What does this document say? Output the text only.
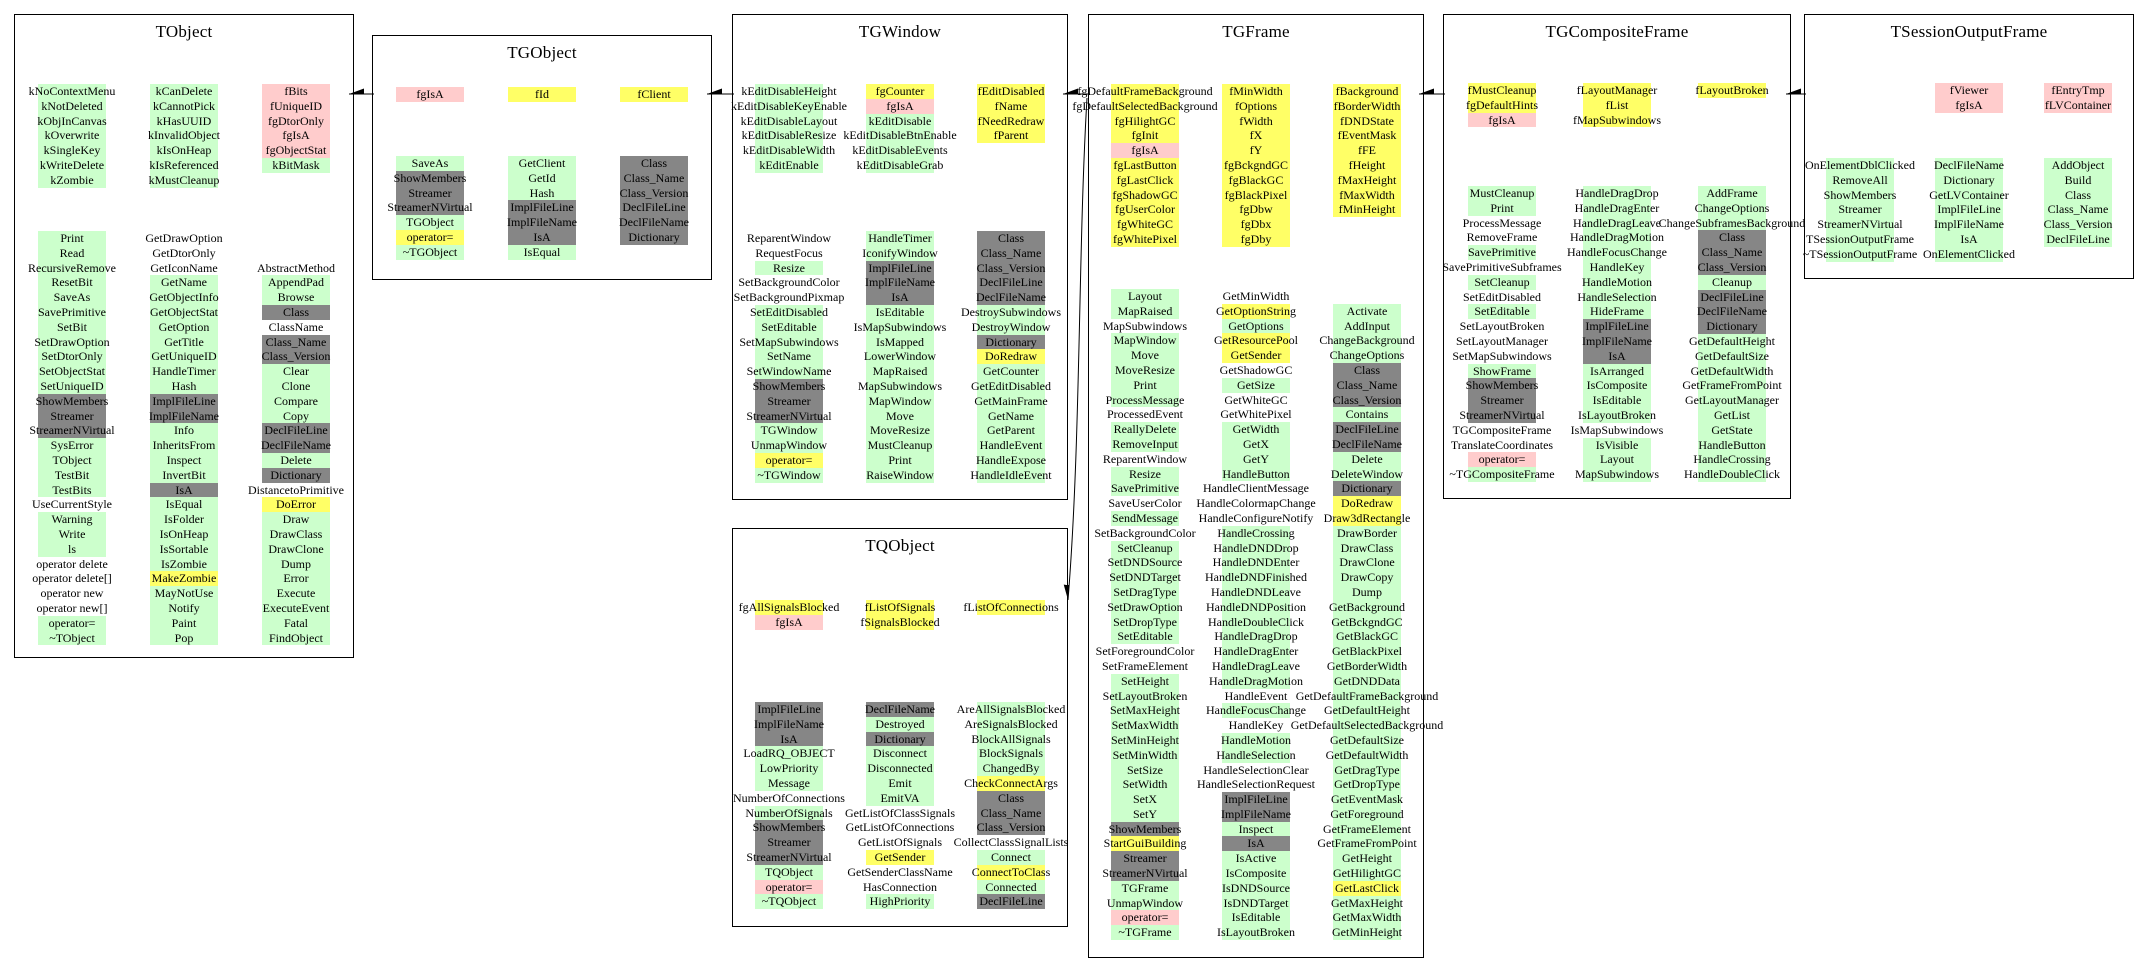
TObject
kNoContextMenu
kNotDeleted
kObjInCanvas
kOverwrite
kSingleKey
kWriteDelete
kZombie
kCanDelete
kCannotPick
kHasUUID
kInvalidObject
kIsOnHeap
kIsReferenced
kMustCleanup
fBits
fUniqueID
fgDtorOnly
fgIsA
fgObjectStat
kBitMask
Print
Read
RecursiveRemove
ResetBit
SaveAs
SavePrimitive
SetBit
SetDrawOption
SetDtorOnly
SetObjectStat
SetUniqueID
ShowMembers
Streamer
StreamerNVirtual
SysError
TObject
TestBit
TestBits
UseCurrentStyle
Warning
Write
ls
operator delete
operator delete[]
operator new
operator new[]
operator=
~TObject
GetDrawOption
GetDtorOnly
GetIconName
GetName
GetObjectInfo
GetObjectStat
GetOption
GetTitle
GetUniqueID
HandleTimer
Hash
ImplFileLine
ImplFileName
Info
InheritsFrom
Inspect
InvertBit
IsA
IsEqual
IsFolder
IsOnHeap
IsSortable
IsZombie
MakeZombie
MayNotUse
Notify
Paint
Pop
AbstractMethod
AppendPad
Browse
Class
ClassName
Class_Name
Class_Version
Clear
Clone
Compare
Copy
DeclFileLine
DeclFileName
Delete
Dictionary
DistancetoPrimitive
DoError
Draw
DrawClass
DrawClone
Dump
Error
Execute
ExecuteEvent
Fatal
FindObject
TGObject
fgIsA	fId	fClient
SaveAs
ShowMembers
Streamer
StreamerNVirtual
TGObject
operator=
~TGObject
GetClient
GetId
Hash
ImplFileLine
ImplFileName
IsA
IsEqual
Class
Class_Name
Class_Version
DeclFileLine
DeclFileName
Dictionary
TGWindow
kEditDisableHeight
kEditDisableKeyEnable
kEditDisableLayout
kEditDisableResize
kEditDisableWidth
kEditEnable
fgCounter
fgIsA
kEditDisable
kEditDisableBtnEnable
kEditDisableEvents
kEditDisableGrab
fEditDisabled
fName
fNeedRedraw
fParent
ReparentWindow
RequestFocus
Resize
SetBackgroundColor
SetBackgroundPixmap
SetEditDisabled
SetEditable
SetMapSubwindows
SetName
SetWindowName
ShowMembers
Streamer
StreamerNVirtual
TGWindow
UnmapWindow
operator=
~TGWindow
HandleTimer
IconifyWindow
ImplFileLine
ImplFileName
IsA
IsEditable
IsMapSubwindows
IsMapped
LowerWindow
MapRaised
MapSubwindows
MapWindow
Move
MoveResize
MustCleanup
Print
RaiseWindow
Class
Class_Name
Class_Version
DeclFileLine
DeclFileName
DestroySubwindows
DestroyWindow
Dictionary
DoRedraw
GetCounter
GetEditDisabled
GetMainFrame
GetName
GetParent
HandleEvent
HandleExpose
HandleIdleEvent
TQObject
fgAllSignalsBlocked
fgIsA
fListOfSignals
fSignalsBlocked
fListOfConnections
ImplFileLine
ImplFileName
IsA
LoadRQ_OBJECT
LowPriority
Message
NumberOfConnections
NumberOfSignals
ShowMembers
Streamer
StreamerNVirtual
TQObject
operator=
~TQObject
DeclFileName
Destroyed
Dictionary
Disconnect
Disconnected
Emit
EmitVA
GetListOfClassSignals
GetListOfConnections
GetListOfSignals
GetSender
GetSenderClassName
HasConnection
HighPriority
AreAllSignalsBlocked
AreSignalsBlocked
BlockAllSignals
BlockSignals
ChangedBy
CheckConnectArgs
Class
Class_Name
Class_Version
CollectClassSignalLists
Connect
ConnectToClass
Connected
DeclFileLine
TGFrame
fgDefaultFrameBackground
fgDefaultSelectedBackground
fgHilightGC
fgInit
fgIsA
fgLastButton
fgLastClick
fgShadowGC
fgUserColor
fgWhiteGC
fgWhitePixel
fMinWidth
fOptions
fWidth
fX
fY
fgBckgndGC
fgBlackGC
fgBlackPixel
fgDbw
fgDbx
fgDby
fBackground
fBorderWidth
fDNDState
fEventMask
fFE
fHeight
fMaxHeight
fMaxWidth
fMinHeight
Layout
MapRaised
MapSubwindows
MapWindow
Move
MoveResize
Print
ProcessMessage
ProcessedEvent
ReallyDelete
RemoveInput
ReparentWindow
Resize
SavePrimitive
SaveUserColor
SendMessage
SetBackgroundColor
SetCleanup
SetDNDSource
SetDNDTarget
SetDragType
SetDrawOption
SetDropType
SetEditable
SetForegroundColor
SetFrameElement
SetHeight
SetLayoutBroken
SetMaxHeight
SetMaxWidth
SetMinHeight
SetMinWidth
SetSize
SetWidth
SetX
SetY
ShowMembers
StartGuiBuilding
Streamer
StreamerNVirtual
TGFrame
UnmapWindow
operator=
~TGFrame
GetMinWidth
GetOptionString
GetOptions
GetResourcePool
GetSender
GetShadowGC
GetSize
GetWhiteGC
GetWhitePixel
GetWidth
GetX
GetY
HandleButton
HandleClientMessage
HandleColormapChange
HandleConfigureNotify
HandleCrossing
HandleDNDDrop
HandleDNDEnter
HandleDNDFinished
HandleDNDLeave
HandleDNDPosition
HandleDoubleClick
HandleDragDrop
HandleDragEnter
HandleDragLeave
HandleDragMotion
HandleEvent
HandleFocusChange
HandleKey
HandleMotion
HandleSelection
HandleSelectionClear
HandleSelectionRequest
ImplFileLine
ImplFileName
Inspect
IsA
IsActive
IsComposite
IsDNDSource
IsDNDTarget
IsEditable
IsLayoutBroken
Activate
AddInput
ChangeBackground
ChangeOptions
Class
Class_Name
Class_Version
Contains
DeclFileLine
DeclFileName
Delete
DeleteWindow
Dictionary
DoRedraw
Draw3dRectangle
DrawBorder
DrawClass
DrawClone
DrawCopy
Dump
GetBackground
GetBckgndGC
GetBlackGC
GetBlackPixel
GetBorderWidth
GetDNDData
GetDefaultFrameBackground
GetDefaultHeight
GetDefaultSelectedBackground
GetDefaultSize
GetDefaultWidth
GetDragType
GetDropType
GetEventMask
GetForeground
GetFrameElement
GetFrameFromPoint
GetHeight
GetHilightGC
GetLastClick
GetMaxHeight
GetMaxWidth
GetMinHeight
TGCompositeFrame
fMustCleanup
fgDefaultHints
fgIsA
fLayoutManager
fList
fMapSubwindows
fLayoutBroken
MustCleanup
Print
ProcessMessage
RemoveFrame
SavePrimitive
SavePrimitiveSubframes
SetCleanup
SetEditDisabled
SetEditable
SetLayoutBroken
SetLayoutManager
SetMapSubwindows
ShowFrame
ShowMembers
Streamer
StreamerNVirtual
TGCompositeFrame
TranslateCoordinates
operator=
~TGCompositeFrame
HandleDragDrop
HandleDragEnter
HandleDragLeave
HandleDragMotion
HandleFocusChange
HandleKey
HandleMotion
HandleSelection
HideFrame
ImplFileLine
ImplFileName
IsA
IsArranged
IsComposite
IsEditable
IsLayoutBroken
IsMapSubwindows
IsVisible
Layout
MapSubwindows
AddFrame
ChangeOptions
ChangeSubframesBackground
Class
Class_Name
Class_Version
Cleanup
DeclFileLine
DeclFileName
Dictionary
GetDefaultHeight
GetDefaultSize
GetDefaultWidth
GetFrameFromPoint
GetLayoutManager
GetList
GetState
HandleButton
HandleCrossing
HandleDoubleClick
TSessionOutputFrame
fViewer
fgIsA
fEntryTmp
fLVContainer
OnElementDblClicked
RemoveAll
ShowMembers
Streamer
StreamerNVirtual
TSessionOutputFrame
~TSessionOutputFrame
DeclFileName
Dictionary
GetLVContainer
ImplFileLine
ImplFileName
IsA
OnElementClicked
AddObject
Build
Class
Class_Name
Class_Version
DeclFileLine
